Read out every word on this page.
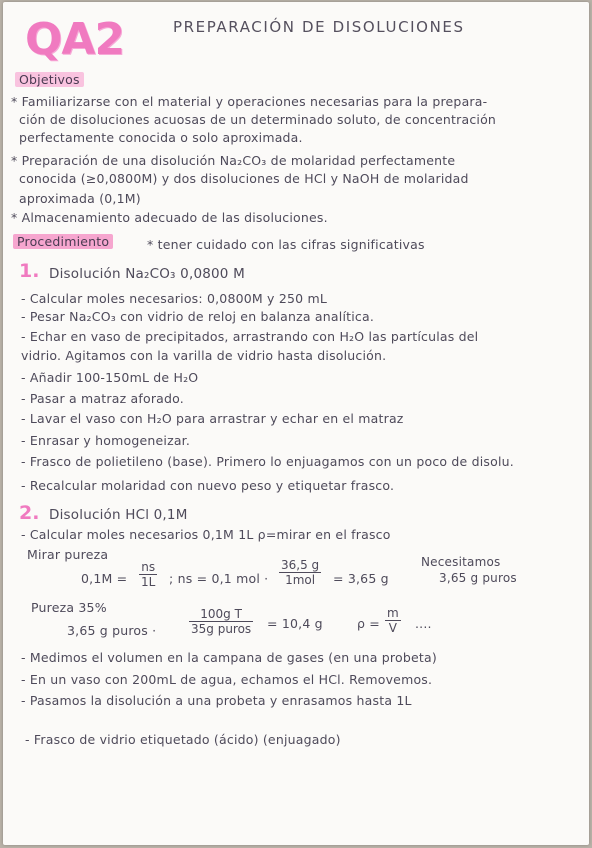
QA2	PREPARACIÓN DE DISOLUCIONES
Objetivos
* Familiarizarse con el material y operaciones necesarias para la prepara-
ción de disoluciones acuosas de un determinado soluto, de concentración
perfectamente conocida o solo aproximada.
* Preparación de una disolución Na₂CO₃ de molaridad perfectamente
conocida (≥0,0800M) y dos disoluciones de HCl y NaOH de molaridad
aproximada (0,1M)
* Almacenamiento adecuado de las disoluciones.
Procedimiento	* tener cuidado con las cifras significativas
1. Disolución Na₂CO₃ 0,0800 M
- Calcular moles necesarios: 0,0800M y 250 mL
- Pesar Na₂CO₃ con vidrio de reloj en balanza analítica.
- Echar en vaso de precipitados, arrastrando con H₂O las partículas del
vidrio. Agitamos con la varilla de vidrio hasta disolución.
- Añadir 100-150mL de H₂O
- Pasar a matraz aforado.
- Lavar el vaso con H₂O para arrastrar y echar en el matraz
- Enrasar y homogeneizar.
- Frasco de polietileno (base). Primero lo enjuagamos con un poco de disolu.
- Recalcular molaridad con nuevo peso y etiquetar frasco.
2. Disolución HCl 0,1M
- Calcular moles necesarios 0,1M 1L ρ=mirar en el frasco
Mirar pureza
$0,1M = \frac{ns}{1L}$ ; ns = 0,1 mol ·
36,5 g
1mol	= 3,65 g
Necesitamos
3,65 g puros
Pureza 35%
3,65 g puros ·
100g T
35g puros = 10,4 g	$\rho = \frac{m}{V}$ ....
- Medimos el volumen en la campana de gases (en una probeta)
- En un vaso con 200mL de agua, echamos el HCl. Removemos.
- Pasamos la disolución a una probeta y enrasamos hasta 1L
- Frasco de vidrio etiquetado (ácido) (enjuagado)
